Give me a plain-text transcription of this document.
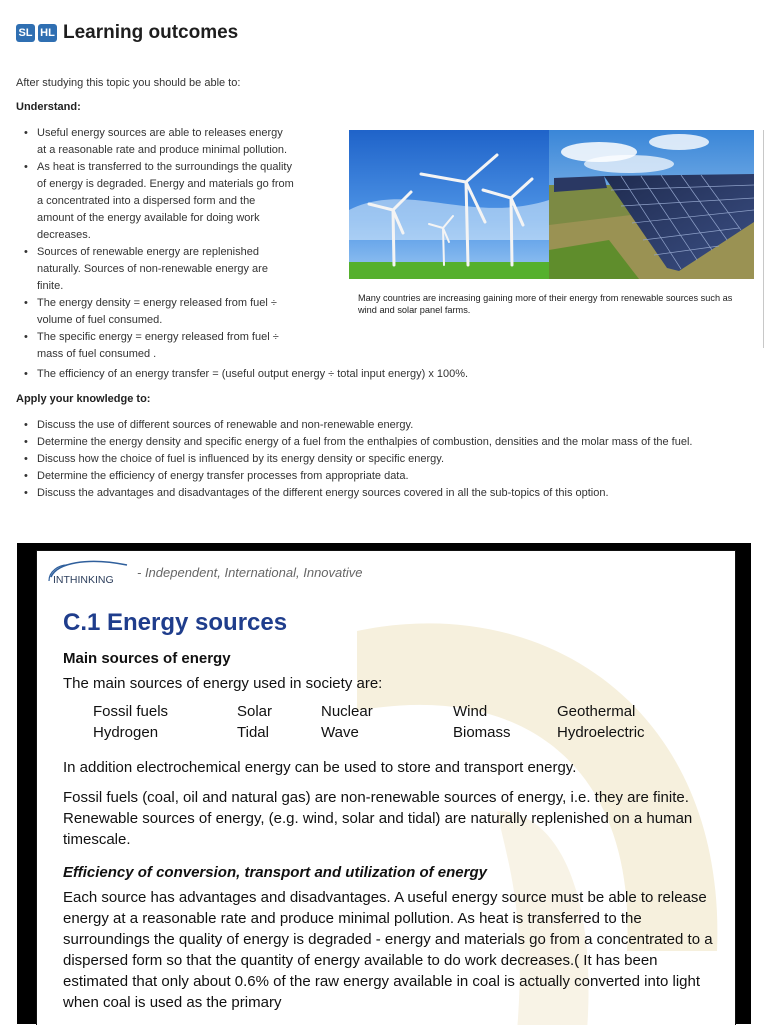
SL HL Learning outcomes
After studying this topic you should be able to:
Understand:
• Useful energy sources are able to releases energy
at a reasonable rate and produce minimal pollution.
• As heat is transferred to the surroundings the quality
of energy is degraded. Energy and materials go from
a concentrated into a dispersed form and the
amount of the energy available for doing work
decreases.
• Sources of renewable energy are replenished
naturally. Sources of non-renewable energy are
finite.
• The energy density = energy released from fuel ÷
volume of fuel consumed.
• The specific energy = energy released from fuel ÷
mass of fuel consumed .
• The efficiency of an energy transfer = (useful output energy ÷ total input energy) x 100%.
Many countries are increasing gaining more of their energy from renewable sources such as wind and solar panel farms.
Apply your knowledge to:
• Discuss the use of different sources of renewable and non-renewable energy.
• Determine the energy density and specific energy of a fuel from the enthalpies of combustion, densities and the molar mass of the fuel.
• Discuss how the choice of fuel is influenced by its energy density or specific energy.
• Determine the efficiency of energy transfer processes from appropriate data.
• Discuss the advantages and disadvantages of the different energy sources covered in all the sub-topics of this option.
INTHINKING
- Independent, International, Innovative
C.1 Energy sources
Main sources of energy
The main sources of energy used in society are:
Fossil fuels	Solar	Nuclear	Wind	Geothermal
Hydrogen	Tidal	Wave	Biomass	Hydroelectric
In addition electrochemical energy can be used to store and transport energy.
Fossil fuels (coal, oil and natural gas) are non-renewable sources of energy, i.e. they are finite. Renewable sources of energy, (e.g. wind, solar and tidal) are naturally replenished on a human timescale.
Efficiency of conversion, transport and utilization of energy
Each source has advantages and disadvantages. A useful energy source must be able to release energy at a reasonable rate and produce minimal pollution. As heat is transferred to the surroundings the quality of energy is degraded - energy and materials go from a concentrated to a dispersed form so that the quantity of energy available to do work decreases.( It has been estimated that only about 0.6% of the raw energy available in coal is actually converted into light when coal is used as the primary
